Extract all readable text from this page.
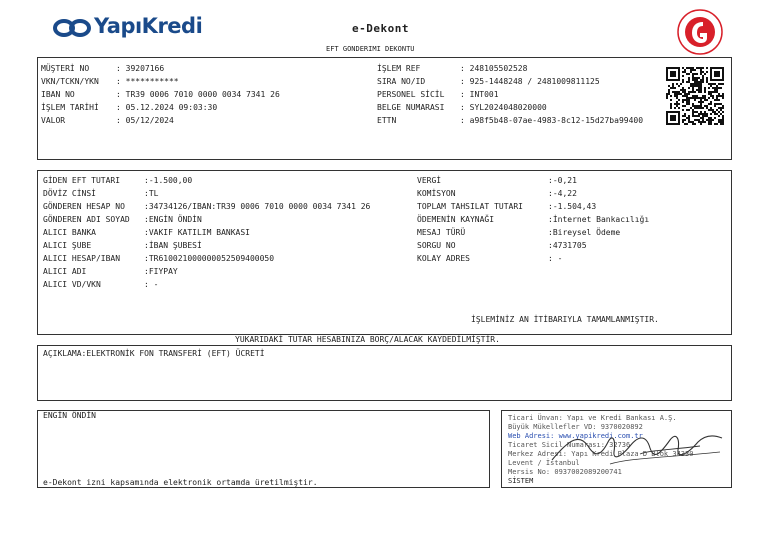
YapıKredi	e-Dekont
EFT GONDERIMI DEKONTU
MÜŞTERİ NO	: 39207166
VKN/TCKN/YKN : ***********
IBAN NO	: TR39 0006 7010 0000 0034 7341 26
İŞLEM TARİHİ : 05.12.2024 09:03:30
VALOR	: 05/12/2024
İŞLEM REF	: 248105502528
SIRA NO/ID	: 925-1448248 / 2481009811125
PERSONEL SİCİL : INT001
BELGE NUMARASI : SYL2024048020000
ETTN	: a98f5b48-07ae-4983-8c12-15d27ba99400
GİDEN EFT TUTARI	:-1.500,00
DÖVİZ CİNSİ	:TL
GÖNDEREN HESAP NO :34734126/IBAN:TR39 0006 7010 0000 0034 7341 26
GÖNDEREN ADI SOYAD :ENGİN ÖNDİN
ALICI BANKA	:VAKIF KATILIM BANKASI
ALICI ŞUBE	:İBAN ŞUBESİ
ALICI HESAP/IBAN	:TR610021000000052509400050
ALICI ADI	:FIYPAY
ALICI VD/VKN	: -
VERGİ	:-0,21
KOMİSYON	:-4,22
TOPLAM TAHSILAT TUTARI	:-1.504,43
ÖDEMENİN KAYNAĞI	:İnternet Bankacılığı
MESAJ TÜRÜ	:Bireysel Ödeme
SORGU NO	:4731705
KOLAY ADRES	: -
İŞLEMİNİZ AN İTİBARIYLA TAMAMLANMIŞTIR.
YUKARIDAKİ TUTAR HESABINIZA BORÇ/ALACAK KAYDEDİLMİŞTİR.
AÇIKLAMA:ELEKTRONİK FON TRANSFERİ (EFT) ÜCRETİ
ENGİN ÖNDİN
e-Dekont izni kapsamında elektronik ortamda üretilmiştir.
Ticari Ünvan: Yapı ve Kredi Bankası A.Ş.
Büyük Mükellefler VD: 9370020892
Web Adresi: www.yapikredi.com.tr
Ticaret Sicil Numarası: 32736
Merkez Adresi: Yapı Kredi Plaza D Blok 34330
Levent / İstanbul
Mersis No: 0937002089200741
SİSTEM
